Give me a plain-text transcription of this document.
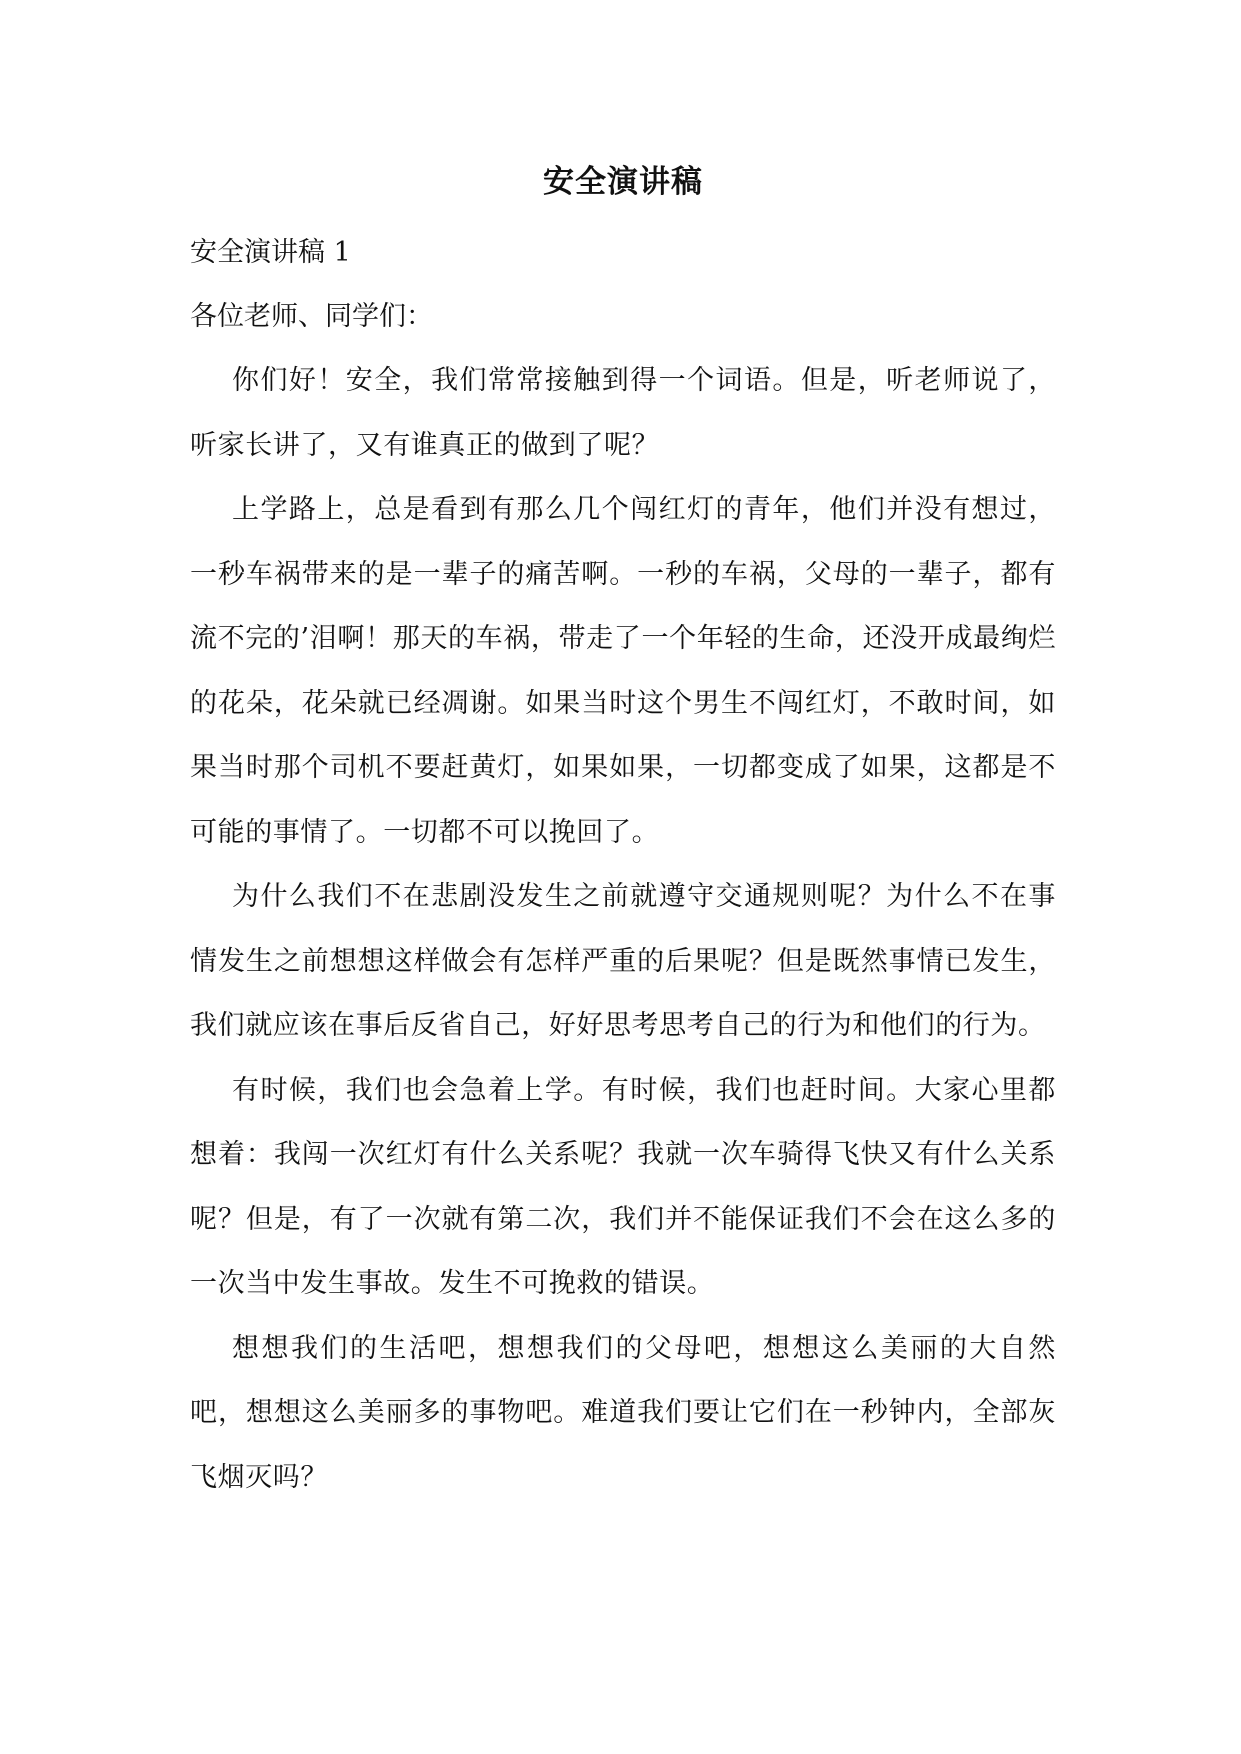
安全演讲稿

安全演讲稿 1

各位老师、同学们：

你们好！安全，我们常常接触到得一个词语。但是，听老师说了，听家长讲了，又有谁真正的做到了呢？

上学路上，总是看到有那么几个闯红灯的青年，他们并没有想过，一秒车祸带来的是一辈子的痛苦啊。一秒的车祸，父母的一辈子，都有流不完的’泪啊！那天的车祸，带走了一个年轻的生命，还没开成最绚烂的花朵，花朵就已经凋谢。如果当时这个男生不闯红灯，不敢时间，如果当时那个司机不要赶黄灯，如果如果，一切都变成了如果，这都是不可能的事情了。一切都不可以挽回了。

为什么我们不在悲剧没发生之前就遵守交通规则呢？为什么不在事情发生之前想想这样做会有怎样严重的后果呢？但是既然事情已发生，我们就应该在事后反省自己，好好思考思考自己的行为和他们的行为。

有时候，我们也会急着上学。有时候，我们也赶时间。大家心里都想着：我闯一次红灯有什么关系呢？我就一次车骑得飞快又有什么关系呢？但是，有了一次就有第二次，我们并不能保证我们不会在这么多的一次当中发生事故。发生不可挽救的错误。

想想我们的生活吧，想想我们的父母吧，想想这么美丽的大自然吧，想想这么美丽多的事物吧。难道我们要让它们在一秒钟内，全部灰飞烟灭吗？
